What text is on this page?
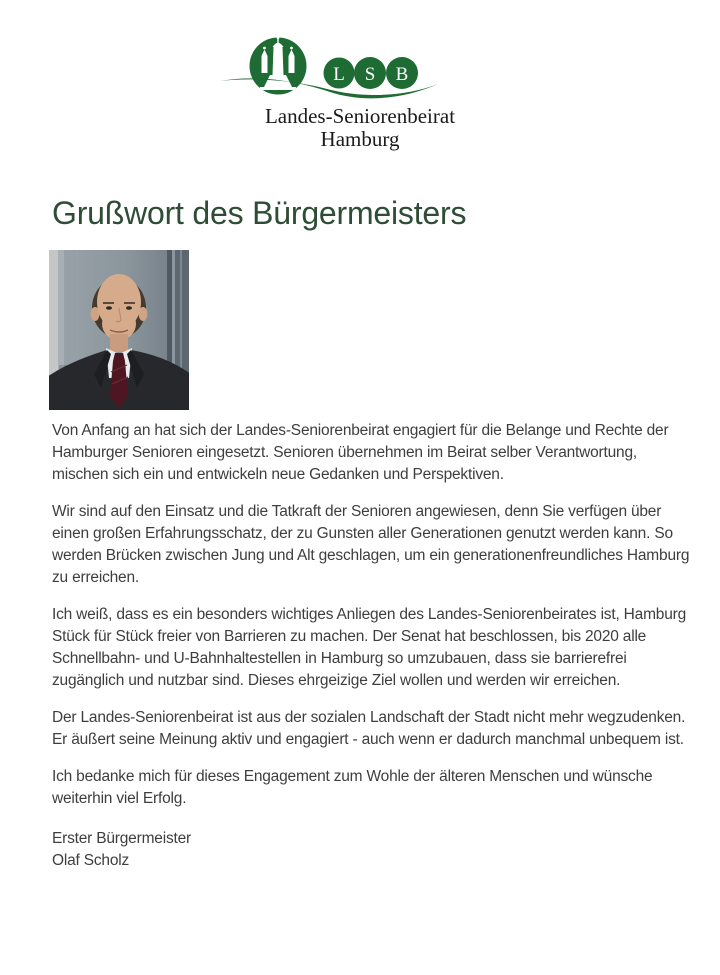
L S B
Landes-Seniorenbeirat
Hamburg
Grußwort des Bürgermeisters

Von Anfang an hat sich der Landes-Seniorenbeirat engagiert für die Belange und Rechte der Hamburger Senioren eingesetzt. Senioren übernehmen im Beirat selber Verantwortung, mischen sich ein und entwickeln neue Gedanken und Perspektiven.

Wir sind auf den Einsatz und die Tatkraft der Senioren angewiesen, denn Sie verfügen über einen großen Erfahrungsschatz, der zu Gunsten aller Generationen genutzt werden kann. So werden Brücken zwischen Jung und Alt geschlagen, um ein generationenfreundliches Hamburg zu erreichen.

Ich weiß, dass es ein besonders wichtiges Anliegen des Landes-Seniorenbeirates ist, Hamburg Stück für Stück freier von Barrieren zu machen. Der Senat hat beschlossen, bis 2020 alle Schnellbahn- und U-Bahnhaltestellen in Hamburg so umzubauen, dass sie barrierefrei zugänglich und nutzbar sind. Dieses ehrgeizige Ziel wollen und werden wir erreichen.

Der Landes-Seniorenbeirat ist aus der sozialen Landschaft der Stadt nicht mehr wegzudenken. Er äußert seine Meinung aktiv und engagiert - auch wenn er dadurch manchmal unbequem ist.

Ich bedanke mich für dieses Engagement zum Wohle der älteren Menschen und wünsche weiterhin viel Erfolg.

Erster Bürgermeister
Olaf Scholz
